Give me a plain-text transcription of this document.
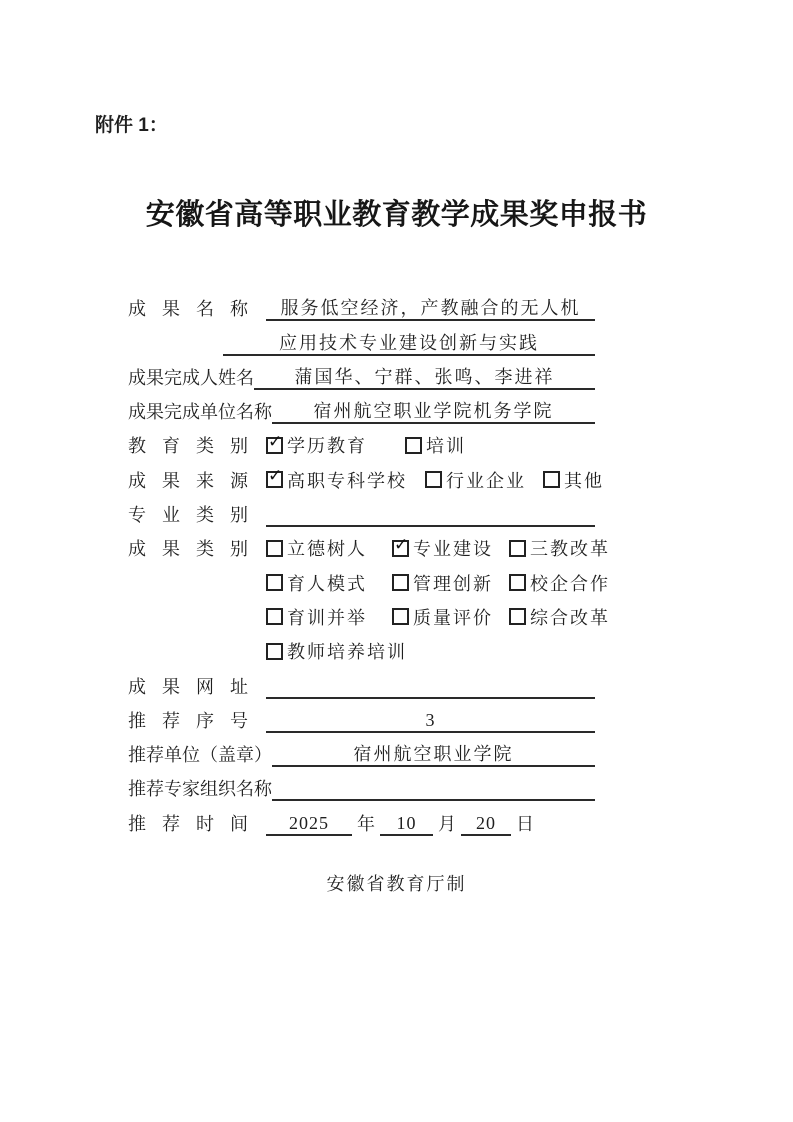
附件 1：
安徽省高等职业教育教学成果奖申报书
成果名称	服务低空经济，产教融合的无人机
应用技术专业建设创新与实践
成果完成人姓名	蒲国华、宁群、张鸣、李进祥
成果完成单位名称	宿州航空职业学院机务学院
教育类别 ✓ 学历教育	培训
成果来源 ✓ 高职专科学校 行业企业 其他
专业类别
成果类别 立德树人 ✓	专业建设 三教改革
育人模式	管理创新 校企合作
育训并举	质量评价 综合改革
教师培养培训
成果网址
推荐序号	3
推荐单位（盖章）	宿州航空职业学院
推荐专家组织名称
推荐时间	2025	年	10	月	20	日
安徽省教育厅制
